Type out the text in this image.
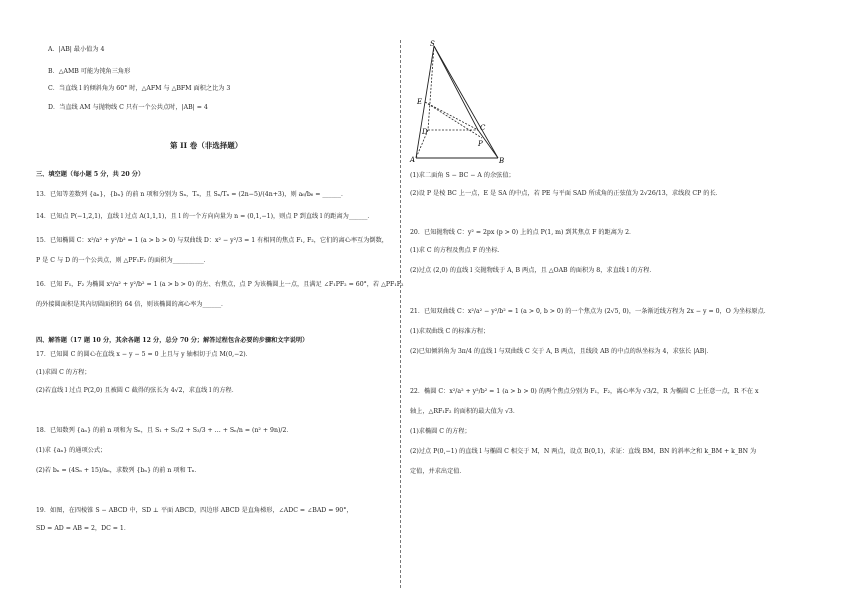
A．|AB| 最小值为 4
B．△AMB 可能为钝角三角形
C．当直线 l 的倾斜角为 60° 时，△AFM 与 △BFM 面积之比为 3
D．当直线 AM 与抛物线 C 只有一个公共点时，|AB| = 4
第 II 卷（非选择题）
三、填空题（每小题 5 分，共 20 分）
13．已知等差数列 {aₙ}，{bₙ} 的前 n 项和分别为 Sₙ，Tₙ，且 Sₙ/Tₙ = (2n−5)/(4n+3)，则 a₆/b₆ = ______．
14．已知点 P(−1,2,1)，直线 l 过点 A(1,1,1)，且 l 的一个方向向量为 n = (0,1,−1)，则点 P 到直线 l 的距离为______．
15．已知椭圆 C：x²/a² + y²/b² = 1 (a > b > 0) 与双曲线 D：x² − y²/3 = 1 有相同的焦点 F₁, F₂，它们的离心率互为倒数，
P 是 C 与 D 的一个公共点，则 △PF₁F₂ 的面积为__________．
16．已知 F₁，F₂ 为椭圆 x²/a² + y²/b² = 1 (a > b > 0) 的左、右焦点，点 P 为该椭圆上一点，且满足 ∠F₁PF₂ = 60°，若 △PF₁F₂
的外接圆面积是其内切圆面积的 64 倍，则该椭圆的离心率为______．
四、解答题（17 题 10 分，其余各题 12 分，总分 70 分；解答过程包含必要的步骤和文字说明）
17．已知圆 C 的圆心在直线 x − y − 5 = 0 上且与 y 轴相切于点 M(0,−2)．
(1)求圆 C 的方程；
(2)若直线 l 过点 P(2,0) 且被圆 C 截得的弦长为 4√2，求直线 l 的方程．
18．已知数列 {aₙ} 的前 n 项和为 Sₙ，且 S₁ + S₂/2 + S₃/3 + … + Sₙ/n = (n² + 9n)/2．
(1)求 {aₙ} 的通项公式；
(2)若 bₙ = (4Sₙ + 15)/aₙ，求数列 {bₙ} 的前 n 项和 Tₙ．
19．如图，在四棱锥 S − ABCD 中，SD ⊥ 平面 ABCD，四边形 ABCD 是直角梯形，∠ADC = ∠BAD = 90°，
SD = AD = AB = 2，DC = 1．
S
E
D	C
P
A	B
(1)求二面角 S − BC − A 的余弦值；
(2)设 P 是棱 BC 上一点，E 是 SA 的中点，若 PE 与平面 SAD 所成角的正弦值为 2√26/13，求线段 CP 的长．
20．已知抛物线 C：y² = 2px (p > 0) 上的点 P(1, m) 到其焦点 F 的距离为 2．
(1)求 C 的方程及焦点 F 的坐标．
(2)过点 (2,0) 的直线 l 交抛物线于 A, B 两点，且 △OAB 的面积为 8，求直线 l 的方程．
21．已知双曲线 C：x²/a² − y²/b² = 1 (a > 0, b > 0) 的一个焦点为 (2√5, 0)，一条渐近线方程为 2x − y = 0，O 为坐标原点．
(1)求双曲线 C 的标准方程；
(2)已知倾斜角为 3π/4 的直线 l 与双曲线 C 交于 A, B 两点，且线段 AB 的中点的纵坐标为 4，求弦长 |AB|．
22．椭圆 C：x²/a² + y²/b² = 1 (a > b > 0) 的两个焦点分别为 F₁，F₂，离心率为 √3/2，R 为椭圆 C 上任意一点，R 不在 x
轴上，△RF₁F₂ 的面积的最大值为 √3．
(1)求椭圆 C 的方程；
(2)过点 P(0,−1) 的直线 l 与椭圆 C 相交于 M，N 两点，设点 B(0,1)，求证：直线 BM，BN 的斜率之和 k_BM + k_BN 为
定值，并求出定值．
